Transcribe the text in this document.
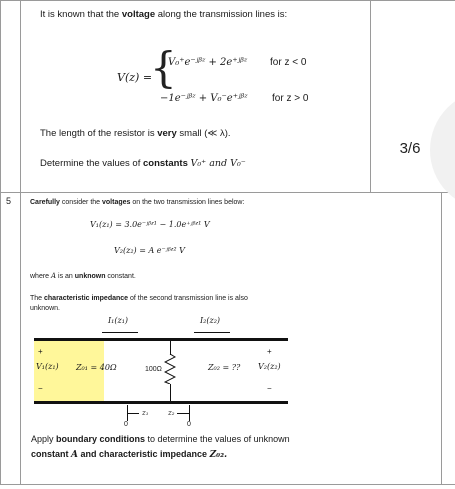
It is known that the voltage along the transmission lines is:
V(z) =
{
V₀⁺e⁻ʲᵝᶻ + 2e⁺ʲᵝᶻ for z < 0
−1e⁻ʲᵝᶻ + V₀⁻e⁺ʲᵝᶻ for z > 0
The length of the resistor is very small (≪ λ).
Determine the values of constants V₀⁺ and V₀⁻
3/6
5	Carefully consider the voltages on the two transmission lines below:
V₁(z₁) = 3.0e⁻ʲᵝᶻ¹ − 1.0e⁺ʲᵝᶻ¹ V
V₂(z₂) = A e⁻ʲᵝᶻ² V
where A is an unknown constant.
The characteristic impedance of the second transmission line is also
unknown.
I₁(z₁)	I₂(z₂)
+
V₁(z₁)
−
Z₀₁ = 40Ω	100Ω	Z₀₂ = ??
+
V₂(z₂)
−
z₁
0
z₂
0
Apply boundary conditions to determine the values of unknown
constant A and characteristic impedance Z₀₂.
